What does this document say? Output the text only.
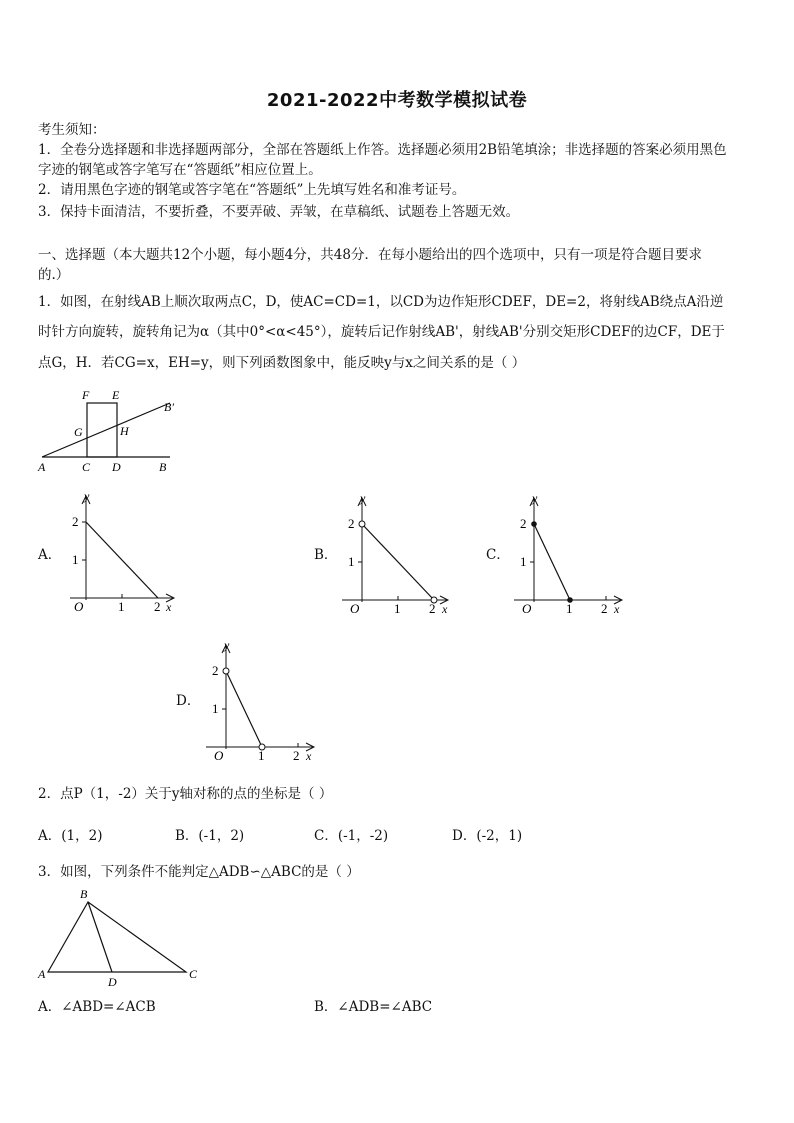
2021-2022中考数学模拟试卷
考生须知：
1．全卷分选择题和非选择题两部分，全部在答题纸上作答。选择题必须用2B铅笔填涂；非选择题的答案必须用黑色
字迹的钢笔或答字笔写在“答题纸”相应位置上。
2．请用黑色字迹的钢笔或答字笔在“答题纸”上先填写姓名和准考证号。
3．保持卡面清洁，不要折叠，不要弄破、弄皱，在草稿纸、试题卷上答题无效。
一、选择题（本大题共12个小题，每小题4分，共48分．在每小题给出的四个选项中，只有一项是符合题目要求
的.）
1．如图，在射线AB上顺次取两点C，D，使AC=CD=1，以CD为边作矩形CDEF，DE=2，将射线AB绕点A沿逆
时针方向旋转，旋转角记为α（其中0°<α<45°），旋转后记作射线AB'，射线AB'分别交矩形CDEF的边CF，DE于
点G，H．若CG=x，EH=y，则下列函数图象中，能反映y与x之间关系的是（ ）
F E
B′
G	H
A	C D	B
A．
y
2
1
O	1 2 x
B．
y
2
1
O	1 2 x
C．
y
2
1
O	1 2 x
D．
y
2
1
O	1 2 x
2．点P（1，-2）关于y轴对称的点的坐标是（ ）
A．(1，2)	B．(-1，2)	C．(-1，-2)	D．(-2，1)
3．如图，下列条件不能判定△ADB∽△ABC的是（ ）
B
A
D
C
A．∠ABD=∠ACB	B．∠ADB=∠ABC
